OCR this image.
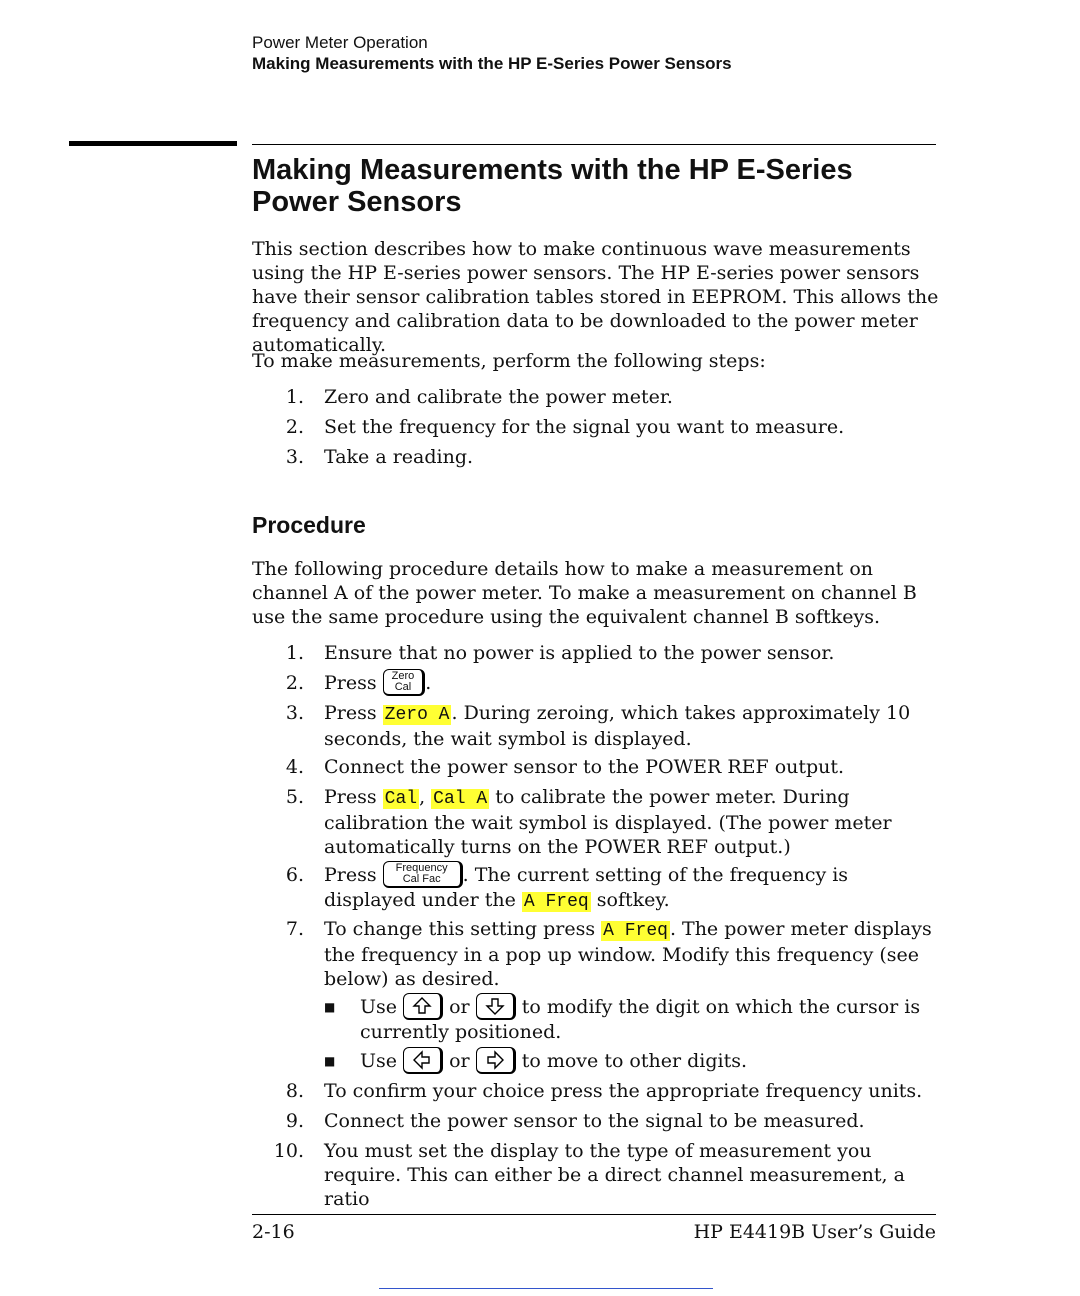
Power Meter Operation
Making Measurements with the HP E-Series Power Sensors
Making Measurements with the HP E-Series Power Sensors
This section describes how to make continuous wave measurements using the HP E-series power sensors. The HP E-series power sensors have their sensor calibration tables stored in EEPROM. This allows the frequency and calibration data to be downloaded to the power meter automatically.
To make measurements, perform the following steps:
1. Zero and calibrate the power meter.
2. Set the frequency for the signal you want to measure.
3. Take a reading.
Procedure
The following procedure details how to make a measurement on channel A of the power meter. To make a measurement on channel B use the same procedure using the equivalent channel B softkeys.
1. Ensure that no power is applied to the power sensor.
2. Press Zero
Cal .
3. Press Zero A . During zeroing, which takes approximately 10 seconds, the wait symbol is displayed.
4. Connect the power sensor to the POWER REF output.
5. Press Cal , Cal A to calibrate the power meter. During calibration the wait symbol is displayed. (The power meter automatically turns on the POWER REF output.)
6. Press Frequency
Cal Fac	. The current setting of the frequency is displayed under the A Freq softkey.
7. To change this setting press A Freq . The power meter displays the frequency in a pop up window. Modify this frequency (see below) as desired.
■ Use	or	to modify the digit on which the cursor is currently positioned.
■ Use	or	to move to other digits.
8. To confirm your choice press the appropriate frequency units.
9. Connect the power sensor to the signal to be measured.
10. You must set the display to the type of measurement you require. This can either be a direct channel measurement, a ratio
2-16	HP E4419B User’s Guide
